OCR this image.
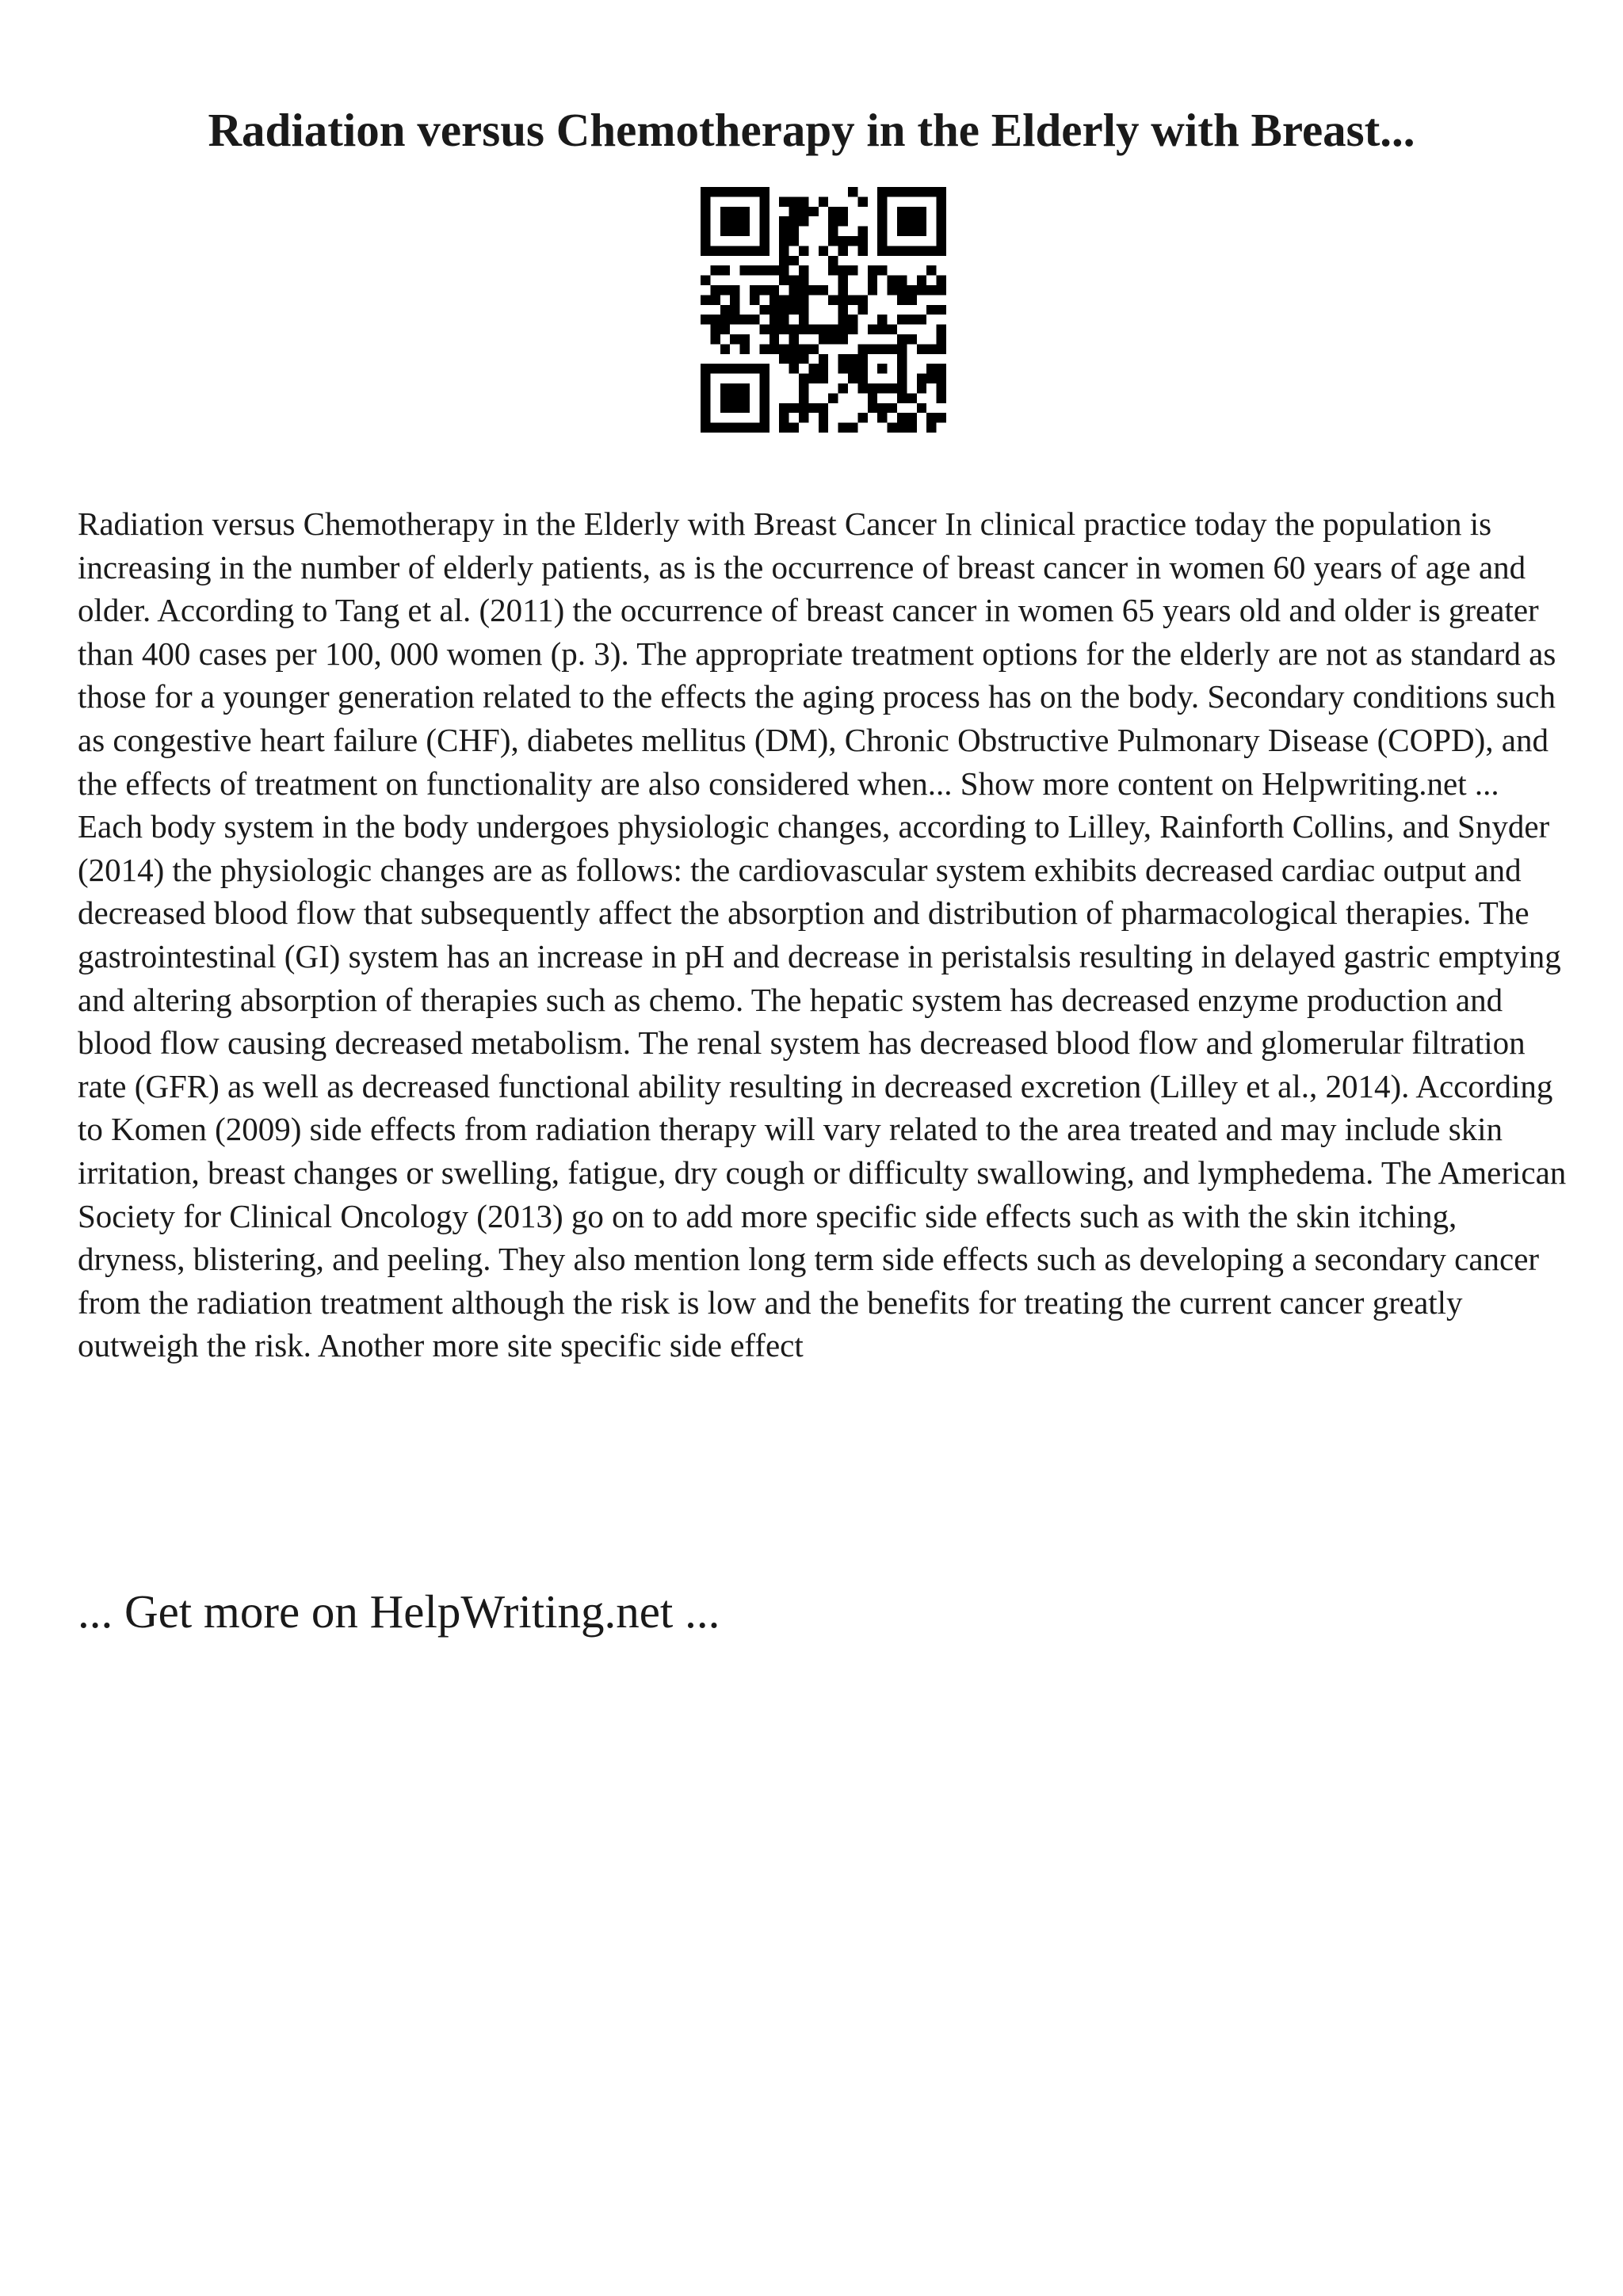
Radiation versus Chemotherapy in the Elderly with Breast...

Radiation versus Chemotherapy in the Elderly with Breast Cancer In clinical practice today the population is increasing in the number of elderly patients, as is the occurrence of breast cancer in women 60 years of age and older. According to Tang et al. (2011) the occurrence of breast cancer in women 65 years old and older is greater than 400 cases per 100, 000 women (p. 3). The appropriate treatment options for the elderly are not as standard as those for a younger generation related to the effects the aging process has on the body. Secondary conditions such as congestive heart failure (CHF), diabetes mellitus (DM), Chronic Obstructive Pulmonary Disease (COPD), and the effects of treatment on functionality are also considered when... Show more content on Helpwriting.net ...

Each body system in the body undergoes physiologic changes, according to Lilley, Rainforth Collins, and Snyder (2014) the physiologic changes are as follows: the cardiovascular system exhibits decreased cardiac output and decreased blood flow that subsequently affect the absorption and distribution of pharmacological therapies. The gastrointestinal (GI) system has an increase in pH and decrease in peristalsis resulting in delayed gastric emptying and altering absorption of therapies such as chemo. The hepatic system has decreased enzyme production and blood flow causing decreased metabolism. The renal system has decreased blood flow and glomerular filtration rate (GFR) as well as decreased functional ability resulting in decreased excretion (Lilley et al., 2014). According to Komen (2009) side effects from radiation therapy will vary related to the area treated and may include skin irritation, breast changes or swelling, fatigue, dry cough or difficulty swallowing, and lymphedema. The American Society for Clinical Oncology (2013) go on to add more specific side effects such as with the skin itching, dryness, blistering, and peeling. They also mention long term side effects such as developing a secondary cancer from the radiation treatment although the risk is low and the benefits for treating the current cancer greatly outweigh the risk. Another more site specific side effect

... Get more on HelpWriting.net ...
